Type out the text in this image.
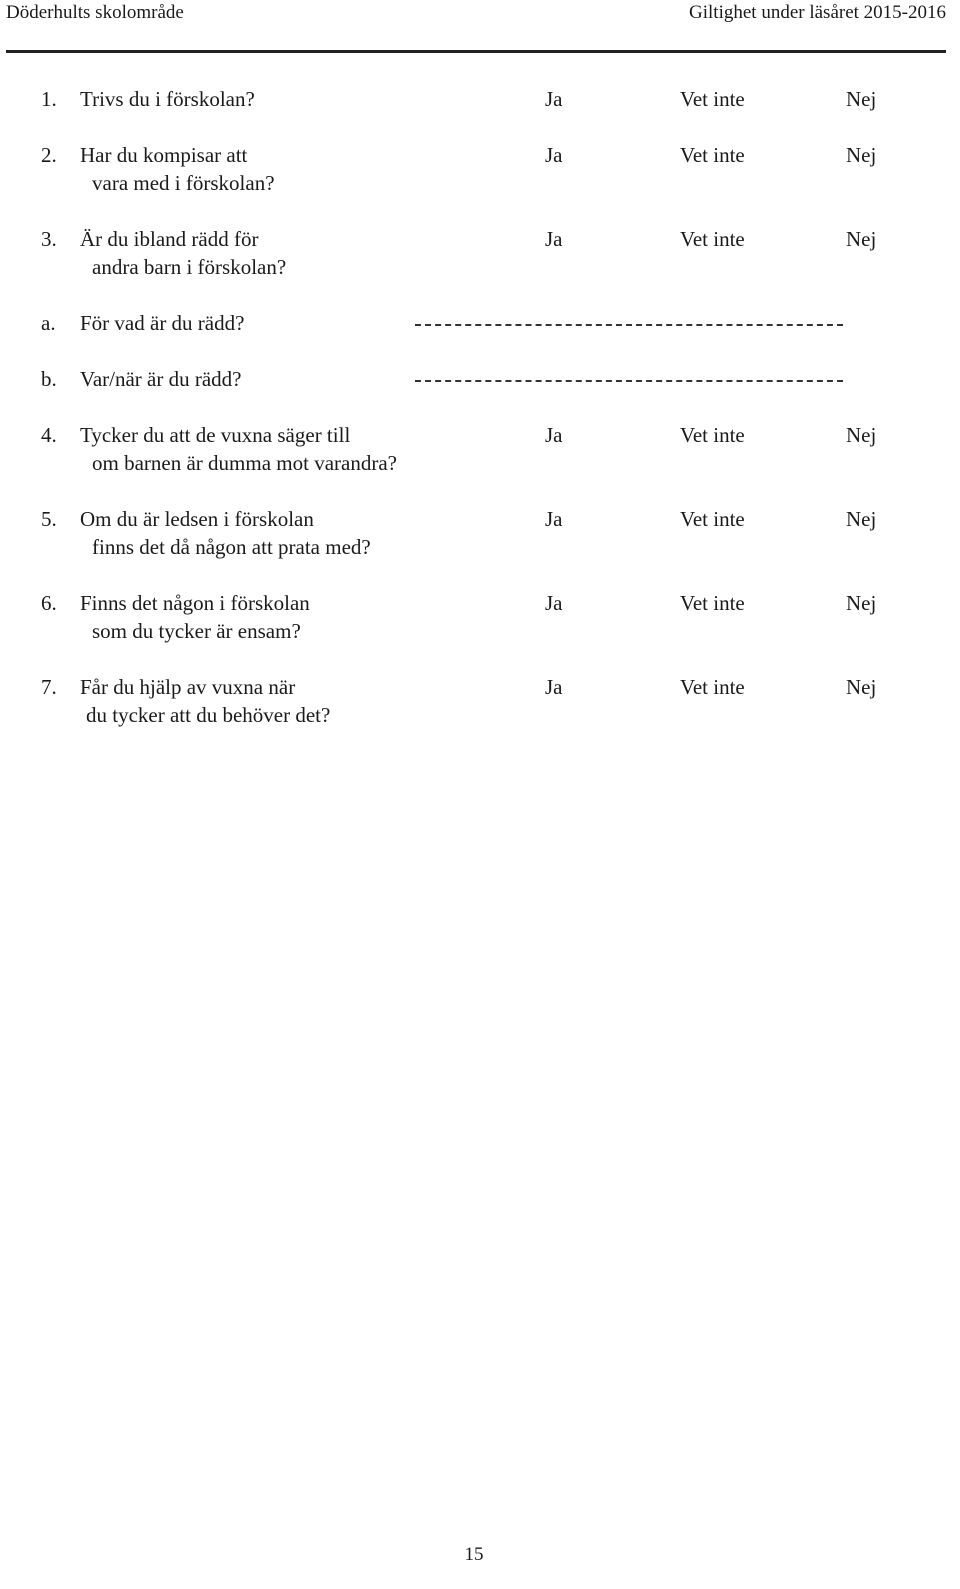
Döderhults skolområde	Giltighet under läsåret 2015-2016
1. Trivs du i förskolan?	Ja	Vet inte	Nej
2. Har du kompisar att
vara med i förskolan?
Ja	Vet inte	Nej
3. Är du ibland rädd för
andra barn i förskolan?
Ja	Vet inte	Nej
a. För vad är du rädd?
b. Var/när är du rädd?
4. Tycker du att de vuxna säger till
om barnen är dumma mot varandra?
Ja	Vet inte	Nej
5. Om du är ledsen i förskolan
finns det då någon att prata med?
Ja	Vet inte	Nej
6. Finns det någon i förskolan
som du tycker är ensam?
Ja	Vet inte	Nej
7. Får du hjälp av vuxna när
du tycker att du behöver det?
Ja	Vet inte	Nej
15
